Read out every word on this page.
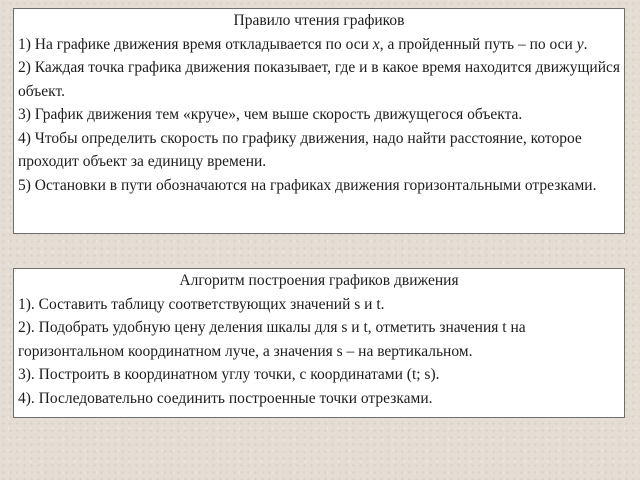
Правило чтения графиков

1) На графике движения время откладывается по оси x, а пройденный путь – по оси y.

2) Каждая точка графика движения показывает, где и в какое время находится движущийся объект.

3) График движения тем «круче», чем выше скорость движущегося объекта.

4) Чтобы определить скорость по графику движения, надо найти расстояние, которое проходит объект за единицу времени.

5) Остановки в пути обозначаются на графиках движения горизонтальными отрезками.

Алгоритм построения графиков движения

1). Составить таблицу соответствующих значений s и t.

2). Подобрать удобную цену деления шкалы для s и t, отметить значения t на горизонтальном координатном луче, а значения s – на вертикальном.

3). Построить в координатном углу точки, с координатами (t; s).

4). Последовательно соединить построенные точки отрезками.
